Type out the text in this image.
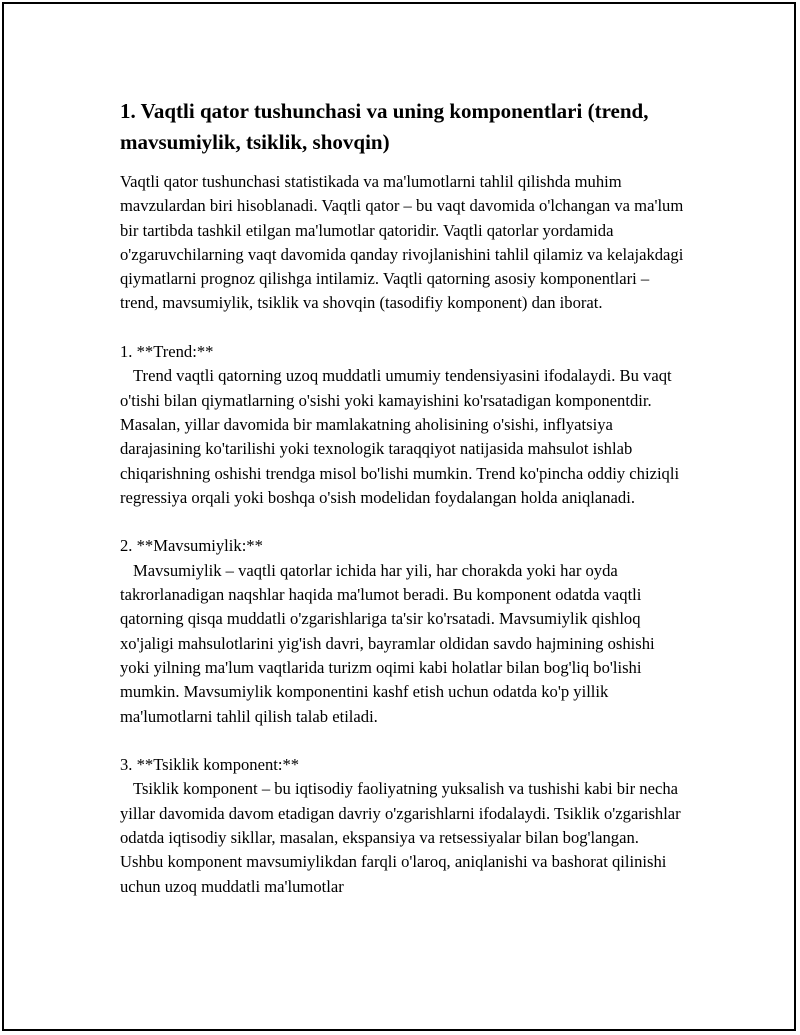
1. Vaqtli qator tushunchasi va uning komponentlari (trend, mavsumiylik, tsiklik, shovqin)

Vaqtli qator tushunchasi statistikada va ma'lumotlarni tahlil qilishda muhim mavzulardan biri hisoblanadi. Vaqtli qator – bu vaqt davomida o'lchangan va ma'lum bir tartibda tashkil etilgan ma'lumotlar qatoridir. Vaqtli qatorlar yordamida o'zgaruvchilarning vaqt davomida qanday rivojlanishini tahlil qilamiz va kelajakdagi qiymatlarni prognoz qilishga intilamiz. Vaqtli qatorning asosiy komponentlari – trend, mavsumiylik, tsiklik va shovqin (tasodifiy komponent) dan iborat.

1. **Trend:**

Trend vaqtli qatorning uzoq muddatli umumiy tendensiyasini ifodalaydi. Bu vaqt o'tishi bilan qiymatlarning o'sishi yoki kamayishini ko'rsatadigan komponentdir. Masalan, yillar davomida bir mamlakatning aholisining o'sishi, inflyatsiya darajasining ko'tarilishi yoki texnologik taraqqiyot natijasida mahsulot ishlab chiqarishning oshishi trendga misol bo'lishi mumkin. Trend ko'pincha oddiy chiziqli regressiya orqali yoki boshqa o'sish modelidan foydalangan holda aniqlanadi.

2. **Mavsumiylik:**

Mavsumiylik – vaqtli qatorlar ichida har yili, har chorakda yoki har oyda takrorlanadigan naqshlar haqida ma'lumot beradi. Bu komponent odatda vaqtli qatorning qisqa muddatli o'zgarishlariga ta'sir ko'rsatadi. Mavsumiylik qishloq xo'jaligi mahsulotlarini yig'ish davri, bayramlar oldidan savdo hajmining oshishi yoki yilning ma'lum vaqtlarida turizm oqimi kabi holatlar bilan bog'liq bo'lishi mumkin. Mavsumiylik komponentini kashf etish uchun odatda ko'p yillik ma'lumotlarni tahlil qilish talab etiladi.

3. **Tsiklik komponent:**

Tsiklik komponent – bu iqtisodiy faoliyatning yuksalish va tushishi kabi bir necha yillar davomida davom etadigan davriy o'zgarishlarni ifodalaydi. Tsiklik o'zgarishlar odatda iqtisodiy sikllar, masalan, ekspansiya va retsessiyalar bilan bog'langan. Ushbu komponent mavsumiylikdan farqli o'laroq, aniqlanishi va bashorat qilinishi uchun uzoq muddatli ma'lumotlar
